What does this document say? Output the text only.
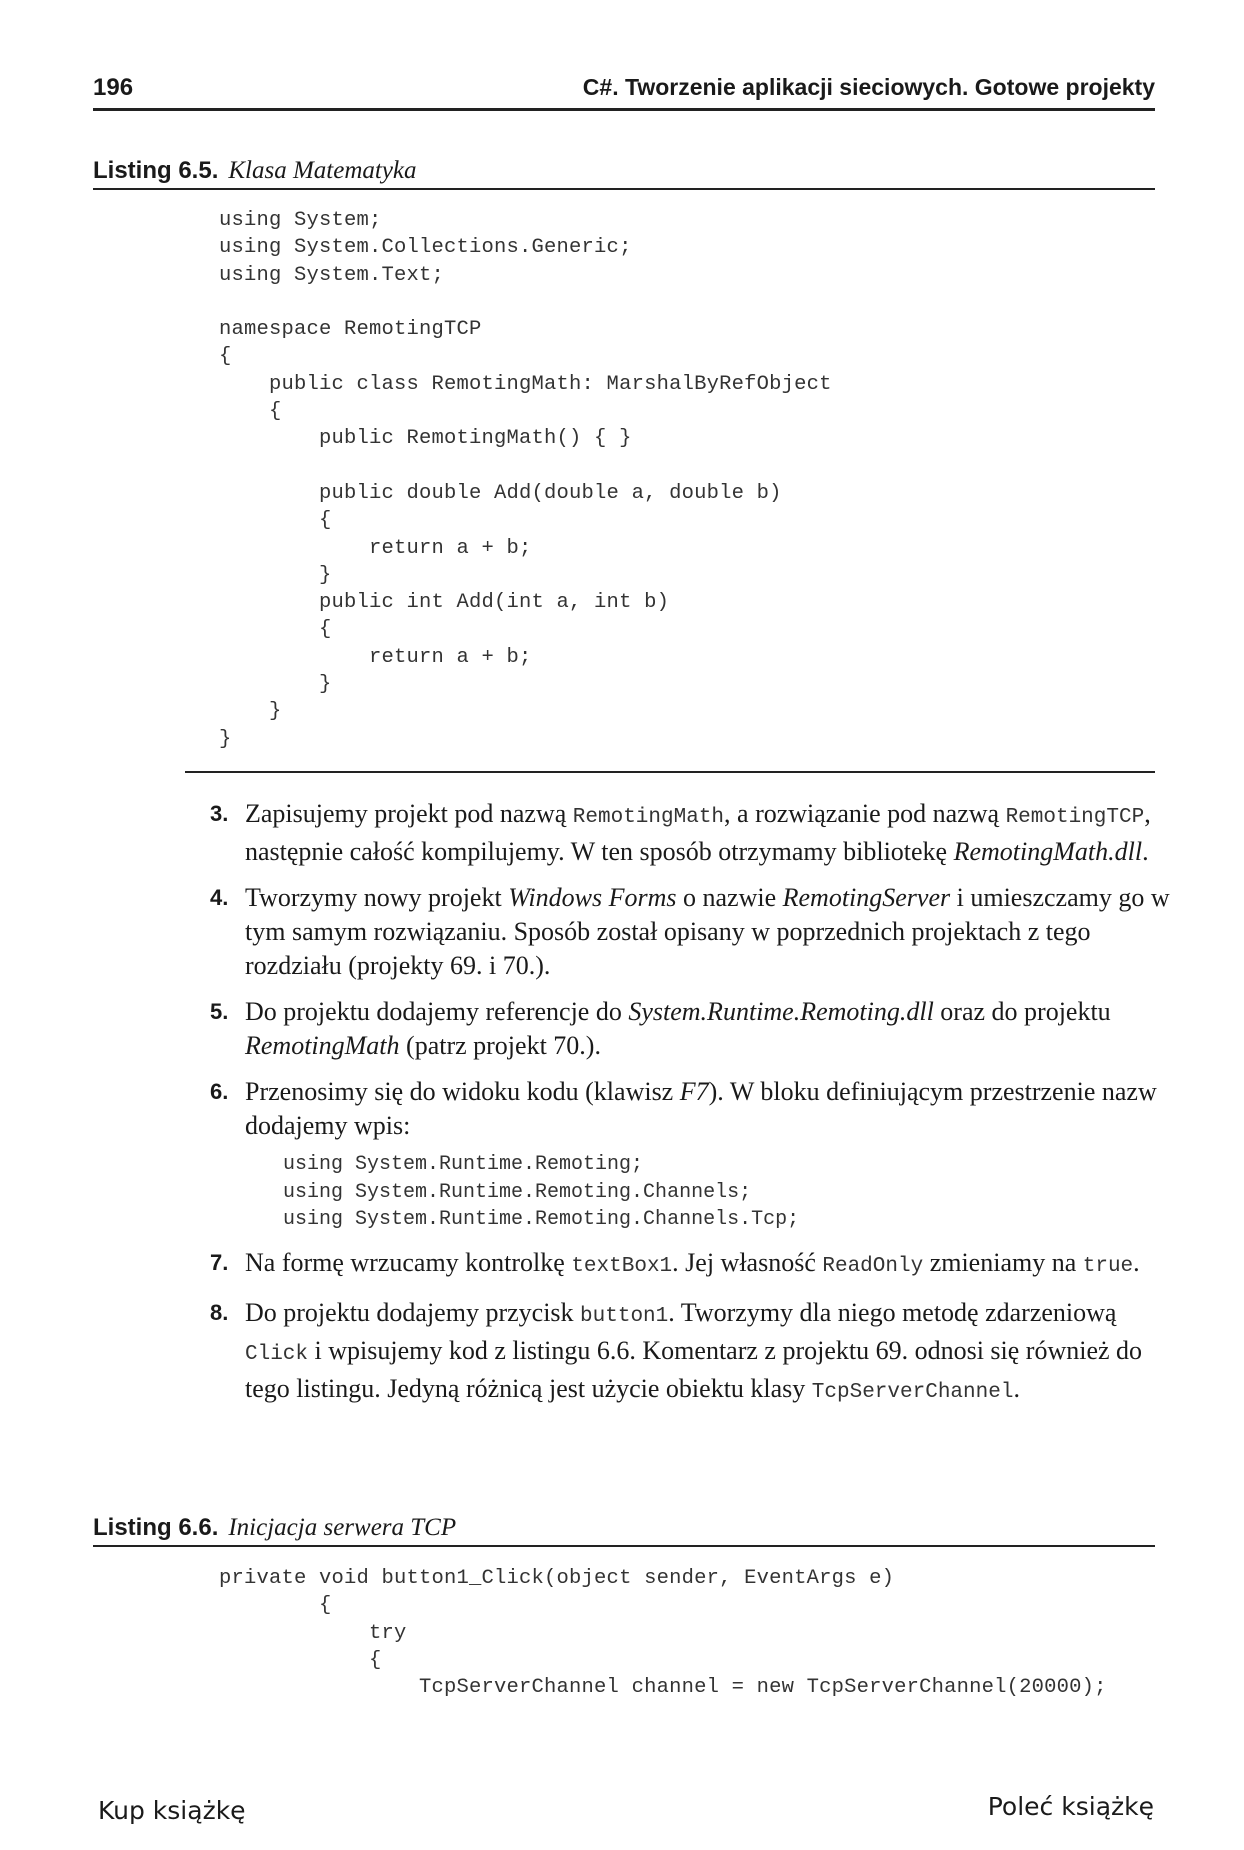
196	C#. Tworzenie aplikacji sieciowych. Gotowe projekty
Listing 6.5. Klasa Matematyka
using System;
using System.Collections.Generic;
using System.Text;

namespace RemotingTCP
{
public class RemotingMath: MarshalByRefObject
{
public RemotingMath() { }

public double Add(double a, double b)
{
return a + b;
}
public int Add(int a, int b)
{
return a + b;
}
}
}
3. Zapisujemy projekt pod nazwą RemotingMath, a rozwiązanie pod nazwą RemotingTCP, następnie całość kompilujemy. W ten sposób otrzymamy bibliotekę RemotingMath.dll.
4. Tworzymy nowy projekt Windows Forms o nazwie RemotingServer i umieszczamy go w tym samym rozwiązaniu. Sposób został opisany w poprzednich projektach z tego rozdziału (projekty 69. i 70.).
5. Do projektu dodajemy referencje do System.Runtime.Remoting.dll oraz do projektu RemotingMath (patrz projekt 70.).
6. Przenosimy się do widoku kodu (klawisz F7). W bloku definiującym przestrzenie nazw dodajemy wpis:
using System.Runtime.Remoting;
using System.Runtime.Remoting.Channels;
using System.Runtime.Remoting.Channels.Tcp;
7. Na formę wrzucamy kontrolkę textBox1. Jej własność ReadOnly zmieniamy na true.
8. Do projektu dodajemy przycisk button1. Tworzymy dla niego metodę zdarzeniową Click i wpisujemy kod z listingu 6.6. Komentarz z projektu 69. odnosi się również do tego listingu. Jedyną różnicą jest użycie obiektu klasy TcpServerChannel.
Listing 6.6. Inicjacja serwera TCP
private void button1_Click(object sender, EventArgs e)
{
try
{
TcpServerChannel channel = new TcpServerChannel(20000);
Kup książkę	Poleć książkę
